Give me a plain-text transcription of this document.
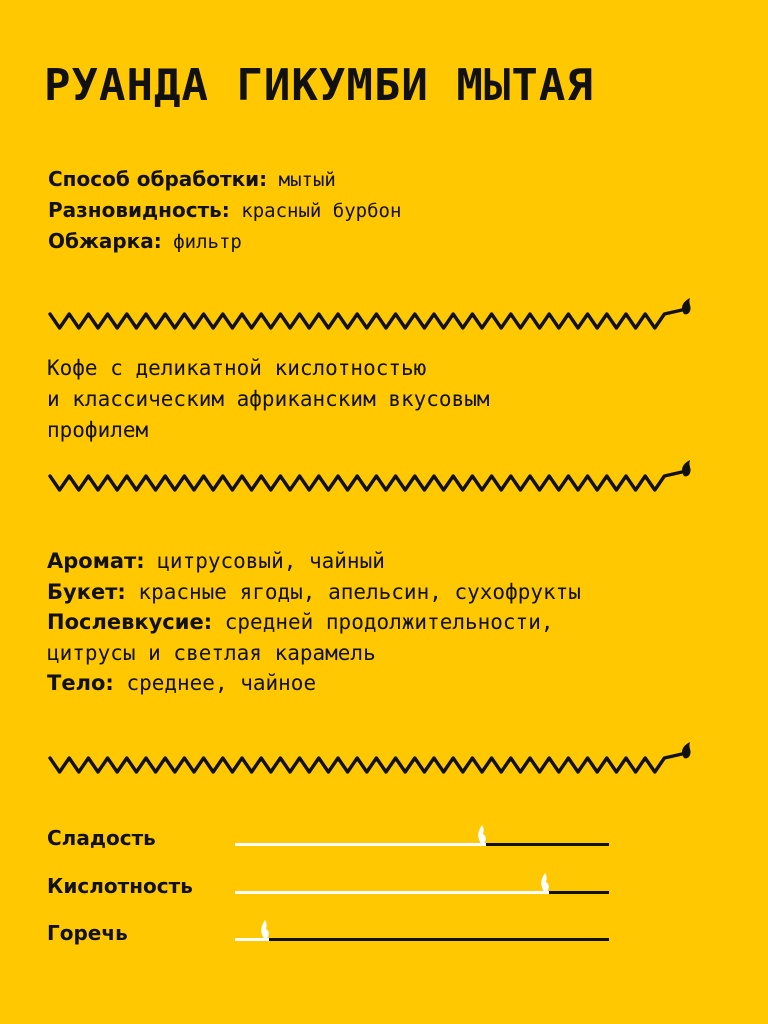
РУАНДА ГИКУМБИ МЫТАЯ
Способ обработки: мытый
Разновидность: красный бурбон
Обжарка: фильтр
Кофе с деликатной кислотностью
и классическим африканским вкусовым
профилем
Аромат: цитрусовый, чайный
Букет: красные ягоды, апельсин, сухофрукты
Послевкусие: средней продолжительности,
цитрусы и светлая карамель
Тело: среднее, чайное
Сладость
Кислотность
Горечь
